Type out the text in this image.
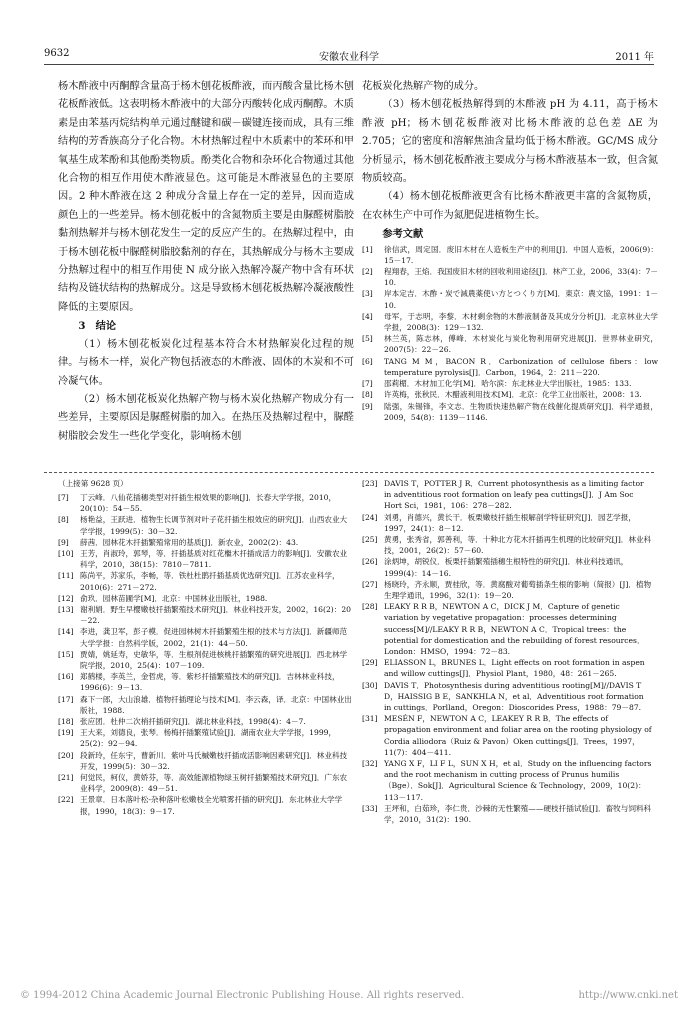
9632	安徽农业科学	2011 年

杨木酢液中丙酮醇含量高于杨木刨花板酢液，而丙酸含量比杨木刨花板酢液低。这表明杨木酢液中的大部分丙酸转化成丙酮醇。木质素是由苯基丙烷结构单元通过醚键和碳－碳键连接而成，具有三维结构的芳香族高分子化合物。木材热解过程中木质素中的苯环和甲氧基生成苯酚和其他酚类物质。酚类化合物和杂环化合物通过其他化合物的相互作用使木酢液显色。这可能是木酢液显色的主要原因。2 种木酢液在这 2 种成分含量上存在一定的差异，因而造成颜色上的一些差异。杨木刨花板中的含氮物质主要是由脲醛树脂胶黏剂热解并与杨木刨花发生一定的反应产生的。在热解过程中，由于杨木刨花板中脲醛树脂胶黏剂的存在，其热解成分与杨木主要成分热解过程中的相互作用使 N 成分嵌入热解冷凝产物中含有环状结构及链状结构的热解成分。这是导致杨木刨花板热解冷凝液酸性降低的主要原因。

3　结论

（1）杨木刨花板炭化过程基本符合木材热解炭化过程的规律。与杨木一样，炭化产物包括液态的木酢液、固体的木炭和不可冷凝气体。

（2）杨木刨花板炭化热解产物与杨木炭化热解产物成分有一些差异，主要原因是脲醛树脂的加入。在热压及热解过程中，脲醛树脂胶会发生一些化学变化，影响杨木刨

花板炭化热解产物的成分。

（3）杨木刨花板热解得到的木酢液 pH 为 4.11，高于杨木酢液 pH；杨木刨花板酢液对比杨木酢液的总色差 ΔE 为 2.705；它的密度和溶解焦油含量均低于杨木酢液。GC/MS 成分分析显示，杨木刨花板酢液主要成分与杨木酢液基本一致，但含氮物质较高。

（4）杨木刨花板酢液更含有比杨木酢液更丰富的含氮物质，在农林生产中可作为氮肥促进植物生长。

参考文献

[1]	徐信武，周定国．废旧木材在人造板生产中的利用[J]．中国人造板，2006(9)：15－17.
[2]	程翔春，王焰．我国废旧木材的回收利用途径[J]．林产工业，2006，33(4)：7－10.
[3]	岸本定吉．木酢・炭で減農薬使い方とつくり方[M]．東京：農文協，1991：1－10.
[4]	母军，于志明，李黎．木材剩余物的木酢液制备及其成分分析[J]．北京林业大学学报，2008(3)：129－132.
[5]	林兰英，陈志林，傅峰．木材炭化与炭化物利用研究进展[J]．世界林业研究，2007(5)：22－26.
[6]	TANG M M，BACON R．Carbonization of cellulose fibers：low temperature pyrolysis[J]．Carbon，1964，2：211－220.
[7]	邵莉楣．木材加工化学[M]．哈尔滨：东北林业大学出版社，1985：133.
[8]	许英梅，张秋民．木醋液利用技术[M]．北京：化学工业出版社，2008：13.
[9]	陆强，朱锡锋，李文志．生物质快速热解产物在线催化提质研究[J]．科学通报，2009，54(8)：1139－1146.

（上接第 9628 页）

[7]	丁云峰．八仙花插穗类型对扦插生根效果的影响[J]．长春大学学报，2010，20(10)：54－55.
[8]	杨艳益，王跃进．植物生长调节剂对叶子花扦插生根效应的研究[J]．山西农业大学学报，1999(5)：30－32.
[9]	薛茜．园林花木扦插繁殖常用的基质[J]．新农业，2002(2)：43.
[10] 王芳，肖淑玲，郭琴，等．扦插基质对红花檵木扦插成活力的影响[J]．安徽农业科学，2010，38(15)：7810－7811.
[11] 陈尚平，苏家乐，李畅，等．铁杜杜鹃扦插基质优选研究[J]．江苏农业科学，2010(6)：271－272.
[12] 俞玖．园林苗圃学[M]．北京：中国林业出版社，1988.
[13] 谢利娟．野生早樱嫩枝扦插繁殖技术研究[J]．林业科技开发，2002，16(2)：20－22.
[14] 李进，龚卫军，彭子模．促进园林树木扦插繁殖生根的技术与方法[J]．新疆师范大学学报：自然科学版，2002，21(1)：44－50.
[15] 贾婧，姚延寿，史敏华，等．生根剂促进核桃扦插繁殖的研究进展[J]．西北林学院学报，2010，25(4)：107－109.
[16] 郑鹤楼，李英兰，金哲虎，等．紫杉扦插繁殖技术的研究[J]．吉林林业科技，1996(6)：9－13.
[17] 森下一郎，大山浪雄．植物扦插理论与技术[M]．李云森，译．北京：中国林业出版社，1988.
[18] 张应团．杜仲二次梢扦插研究[J]．湖北林业科技，1998(4)：4－7.
[19] 王大来，刘德良，张琴．杨梅扦插繁殖试验[J]．湖南农业大学学报，1999，25(2)：92－94.
[20] 段新玲，任东宇，曹新川．紫叶马氏槭嫩枝扦插成活影响因素研究[J]．林业科技开发，1999(5)：30－32.
[21] 何觉民，柯仪，黄娇芬，等．高效能源植物绿玉树扦插繁殖技术研究[J]．广东农业科学，2009(8)：49－51.
[22] 王景章．日本落叶松-杂种落叶松嫩枝全光喷雾扦插的研究[J]．东北林业大学学报，1990，18(3)：9－17.
[23] DAVIS T，POTTER J R．Current photosynthesis as a limiting factor in adventitious root formation on leafy pea cuttings[J]．J Am Soc Hort Sci，1981，106：278－282.
[24] 刘勇，肖德兴，黄长干．板栗嫩枝扦插生根解剖学特征研究[J]．园艺学报，1997，24(1)：8－12.
[25] 黄勇，张秀省，郭善利，等．十种北方花木扦插再生机理的比较研究[J]．林业科技，2001，26(2)：57－60.
[26] 涂炳坤，胡锐仪．板栗扦插繁殖插穗生根特性的研究[J]．林业科技通讯，1999(4)：14－16.
[27] 杨晓玲，齐永顺，贾桂欣，等．黄腐酸对葡萄插条生根的影响（简报）[J]．植物生理学通讯，1996，32(1)：19－20.
[28] LEAKY R R B，NEWTON A C，DICK J M．Capture of genetic variation by vegetative propagation：processes determining success[M]//LEAKY R R B，NEWTON A C．Tropical trees：the potential for domestication and the rebuilding of forest resources．London：HMSO，1994：72－83.
[29] ELIASSON L，BRUNES L．Light effects on root formation in aspen and willow cuttings[J]．Physiol Plant，1980，48：261－265.
[30] DAVIS T．Photosynthesis during adventitious rooting[M]//DAVIS T D，HAISSIG B E，SANKHLA N，et al．Adventitious root formation in cuttings．Porlland，Oregon：Dioscorides Press，1988：79－87.
[31] MESÉN F，NEWTON A C，LEAKEY R R B．The effects of propagation environment and foliar area on the rooting physiology of Cordia alliodora（Ruiz & Pavon）Oken cuttings[J]．Trees，1997，11(7)：404－411.
[32] YANG X F，LI F L，SUN X H，et al．Study on the influencing factors and the root mechanism in cutting process of Prunus humilis（Bge）．Sok[J]．Agricultural Science & Technology，2009，10(2)：113－117.
[33] 王坪和，白茹珍，李仁贵．沙棘的无性繁殖——硬枝扦插试验[J]．畜牧与饲料科学，2010，31(2)：190.
© 1994-2012 China Academic Journal Electronic Publishing House. All rights reserved.	http://www.cnki.net
